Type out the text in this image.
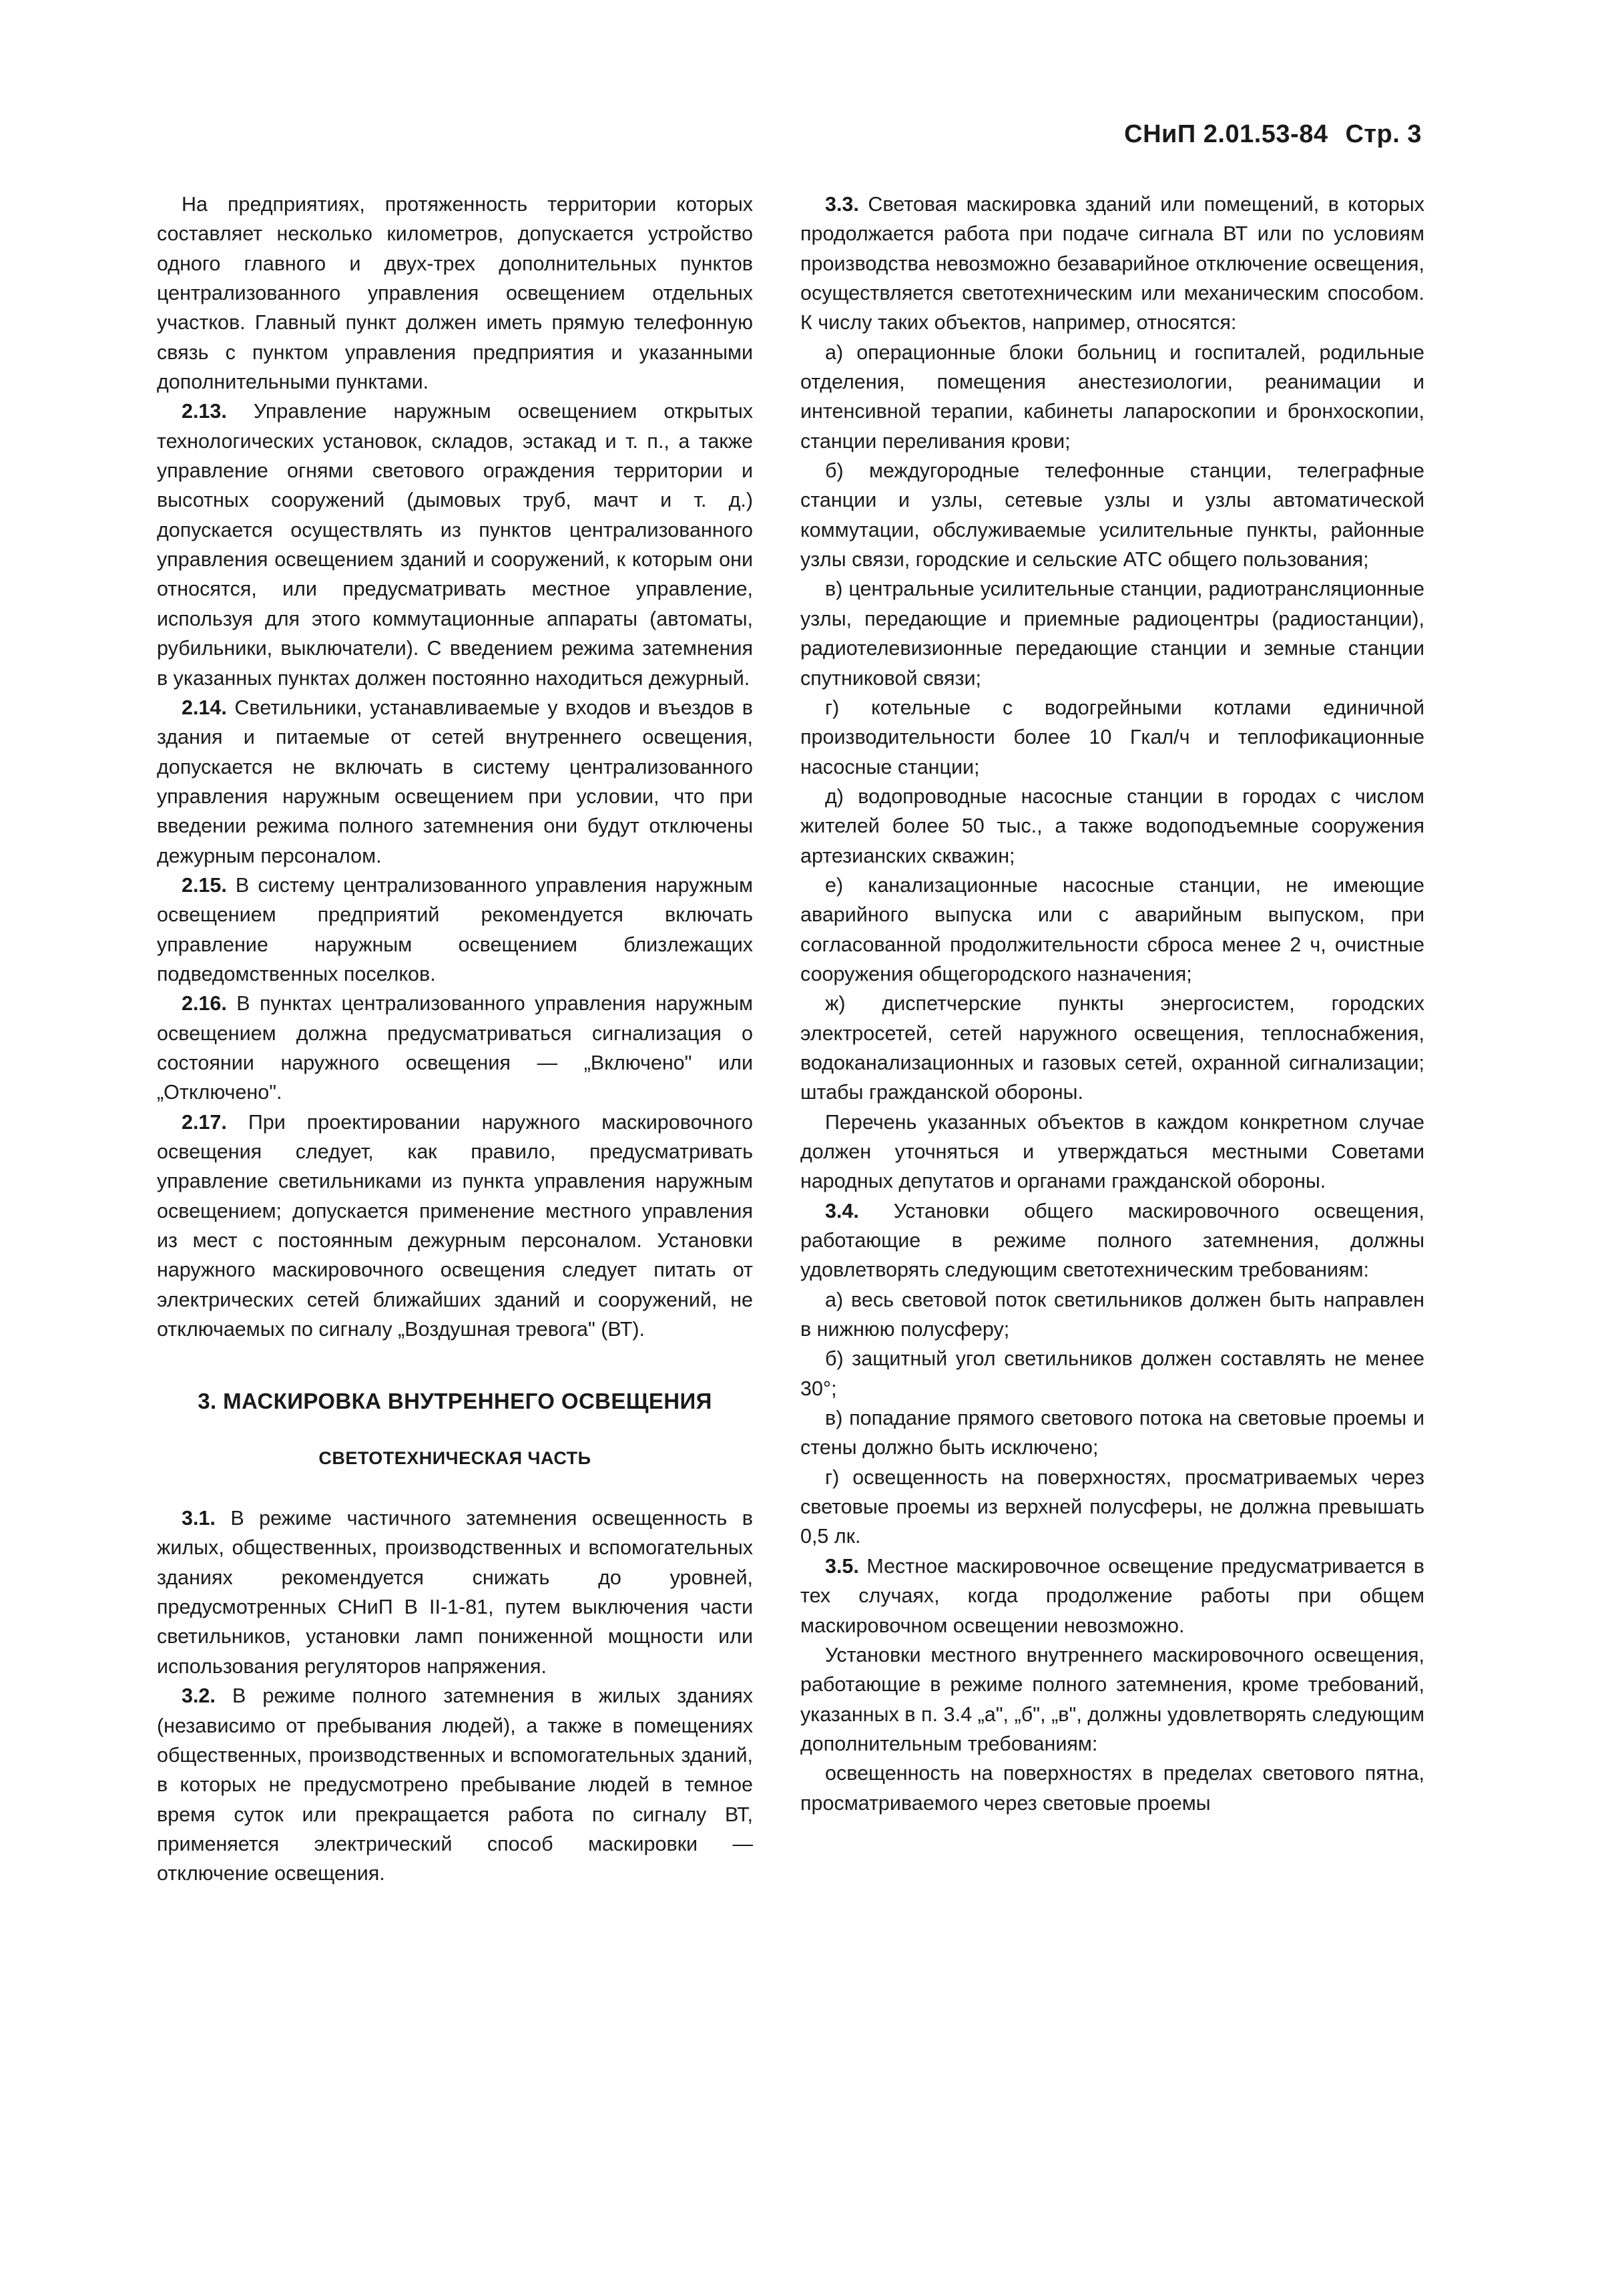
СНиП 2.01.53-84 Стр. 3

На предприятиях, протяженность территории которых составляет несколько километров, допускается устройство одного главного и двух-трех дополнительных пунктов централизованного управления освещением отдельных участков. Главный пункт должен иметь прямую телефонную связь с пунктом управления предприятия и указанными дополнительными пунктами.

2.13. Управление наружным освещением открытых технологических установок, складов, эстакад и т. п., а также управление огнями светового ограждения территории и высотных сооружений (дымовых труб, мачт и т. д.) допускается осуществлять из пунктов централизованного управления освещением зданий и сооружений, к которым они относятся, или предусматривать местное управление, используя для этого коммутационные аппараты (автоматы, рубильники, выключатели). С введением режима затемнения в указанных пунктах должен постоянно находиться дежурный.

2.14. Светильники, устанавливаемые у входов и въездов в здания и питаемые от сетей внутреннего освещения, допускается не включать в систему централизованного управления наружным освещением при условии, что при введении режима полного затемнения они будут отключены дежурным персоналом.

2.15. В систему централизованного управления наружным освещением предприятий рекомендуется включать управление наружным освещением близлежащих подведомственных поселков.

2.16. В пунктах централизованного управления наружным освещением должна предусматриваться сигнализация о состоянии наружного освещения — „Включено" или „Отключено".

2.17. При проектировании наружного маскировочного освещения следует, как правило, предусматривать управление светильниками из пункта управления наружным освещением; допускается применение местного управления из мест с постоянным дежурным персоналом. Установки наружного маскировочного освещения следует питать от электрических сетей ближайших зданий и сооружений, не отключаемых по сигналу „Воздушная тревога" (ВТ).

3. МАСКИРОВКА ВНУТРЕННЕГО ОСВЕЩЕНИЯ
СВЕТОТЕХНИЧЕСКАЯ ЧАСТЬ

3.1. В режиме частичного затемнения освещенность в жилых, общественных, производственных и вспомогательных зданиях рекомендуется снижать до уровней, предусмотренных СНиП В II-1-81, путем выключения части светильников, установки ламп пониженной мощности или использования регуляторов напряжения.

3.2. В режиме полного затемнения в жилых зданиях (независимо от пребывания людей), а также в помещениях общественных, производственных и вспомогательных зданий, в которых не предусмотрено пребывание людей в темное время суток или прекращается работа по сигналу ВТ, применяется электрический способ маскировки — отключение освещения.

3.3. Световая маскировка зданий или помещений, в которых продолжается работа при подаче сигнала ВТ или по условиям производства невозможно безаварийное отключение освещения, осуществляется светотехническим или механическим способом. К числу таких объектов, например, относятся:

а) операционные блоки больниц и госпиталей, родильные отделения, помещения анестезиологии, реанимации и интенсивной терапии, кабинеты лапароскопии и бронхоскопии, станции переливания крови;

б) междугородные телефонные станции, телеграфные станции и узлы, сетевые узлы и узлы автоматической коммутации, обслуживаемые усилительные пункты, районные узлы связи, городские и сельские АТС общего пользования;

в) центральные усилительные станции, радиотрансляционные узлы, передающие и приемные радиоцентры (радиостанции), радиотелевизионные передающие станции и земные станции спутниковой связи;

г) котельные с водогрейными котлами единичной производительности более 10 Гкал/ч и теплофикационные насосные станции;

д) водопроводные насосные станции в городах с числом жителей более 50 тыс., а также водоподъемные сооружения артезианских скважин;

е) канализационные насосные станции, не имеющие аварийного выпуска или с аварийным выпуском, при согласованной продолжительности сброса менее 2 ч, очистные сооружения общегородского назначения;

ж) диспетчерские пункты энергосистем, городских электросетей, сетей наружного освещения, теплоснабжения, водоканализационных и газовых сетей, охранной сигнализации; штабы гражданской обороны.

Перечень указанных объектов в каждом конкретном случае должен уточняться и утверждаться местными Советами народных депутатов и органами гражданской обороны.

3.4. Установки общего маскировочного освещения, работающие в режиме полного затемнения, должны удовлетворять следующим светотехническим требованиям:

а) весь световой поток светильников должен быть направлен в нижнюю полусферу;

б) защитный угол светильников должен составлять не менее 30°;

в) попадание прямого светового потока на световые проемы и стены должно быть исключено;

г) освещенность на поверхностях, просматриваемых через световые проемы из верхней полусферы, не должна превышать 0,5 лк.

3.5. Местное маскировочное освещение предусматривается в тех случаях, когда продолжение работы при общем маскировочном освещении невозможно.

Установки местного внутреннего маскировочного освещения, работающие в режиме полного затемнения, кроме требований, указанных в п. 3.4 „а", „б", „в", должны удовлетворять следующим дополнительным требованиям:

освещенность на поверхностях в пределах светового пятна, просматриваемого через световые проемы
